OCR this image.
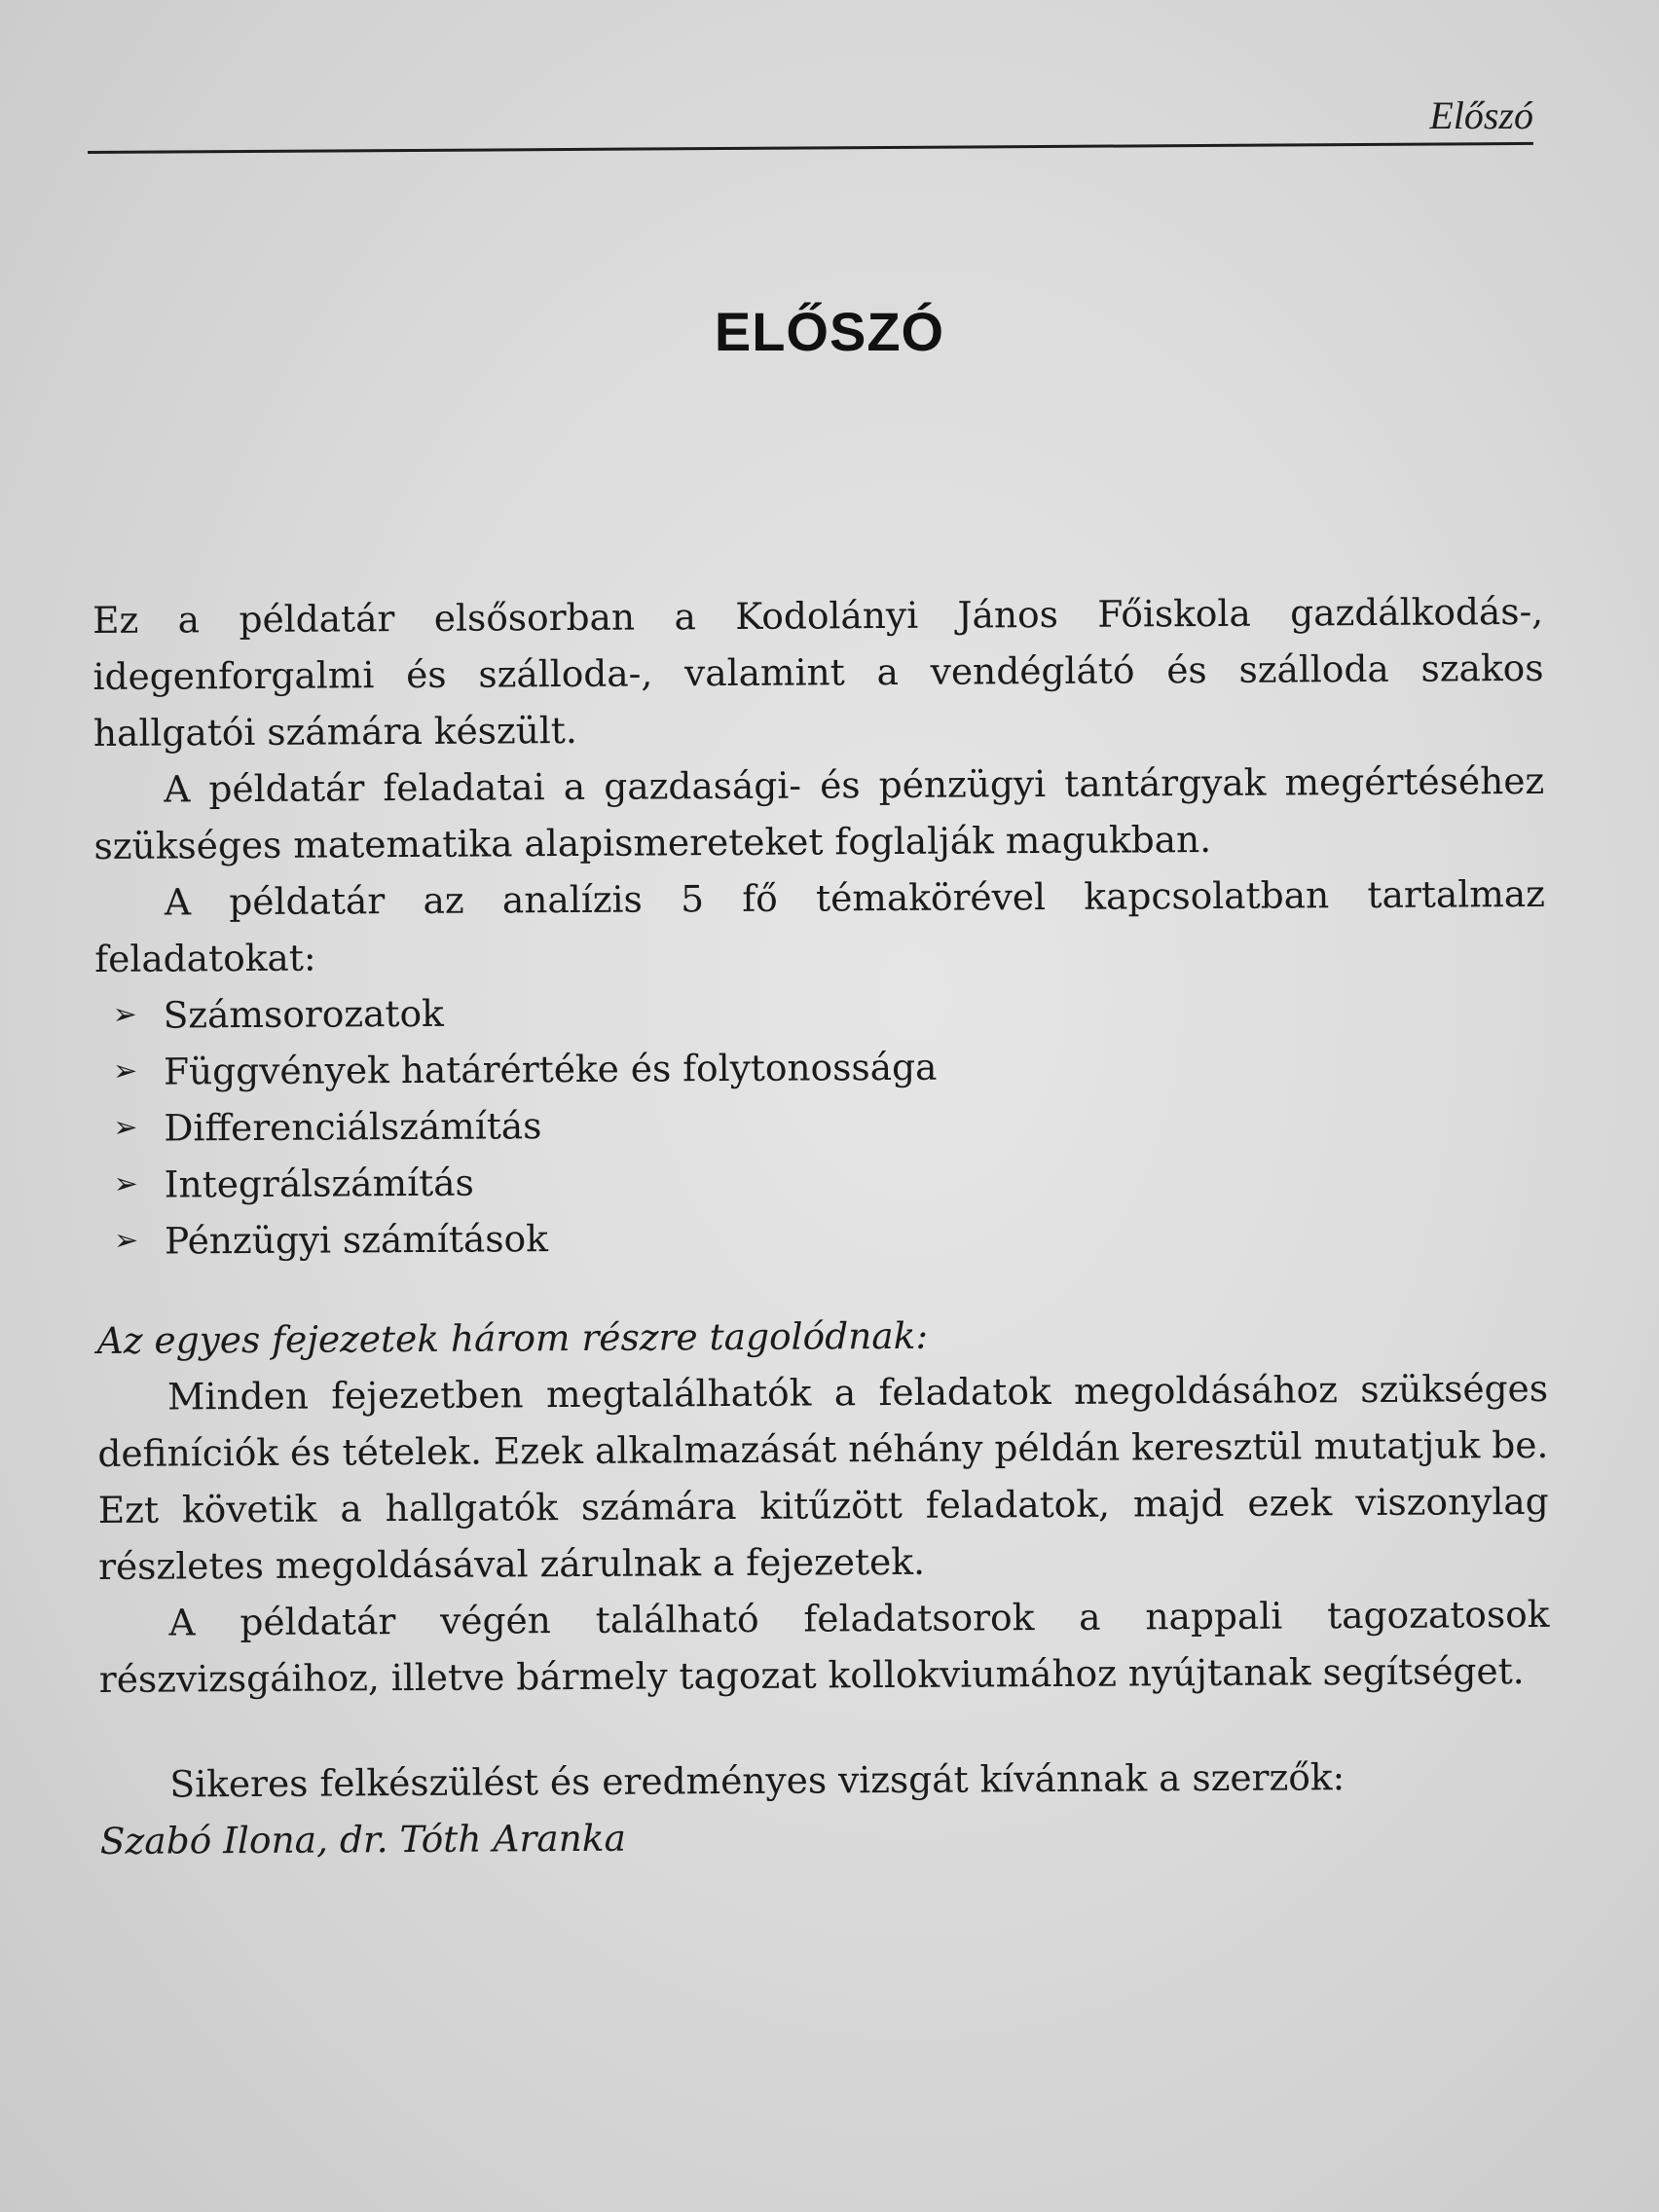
Előszó
ELŐSZÓ

Ez a példatár elsősorban a Kodolányi János Főiskola gazdálkodás-, idegenforgalmi és szálloda-, valamint a vendéglátó és szálloda szakos hallgatói számára készült.

A példatár feladatai a gazdasági- és pénzügyi tantárgyak megértéséhez szükséges matematika alapismereteket foglalják magukban.

A példatár az analízis 5 fő témakörével kapcsolatban tartalmaz feladatokat:

➢ Számsorozatok
➢ Függvények határértéke és folytonossága
➢ Differenciálszámítás
➢ Integrálszámítás
➢ Pénzügyi számítások

Az egyes fejezetek három részre tagolódnak:

Minden fejezetben megtalálhatók a feladatok megoldásához szükséges definíciók és tételek. Ezek alkalmazását néhány példán keresztül mutatjuk be. Ezt követik a hallgatók számára kitűzött feladatok, majd ezek viszonylag részletes megoldásával zárulnak a fejezetek.

A példatár végén található feladatsorok a nappali tagozatosok részvizsgáihoz, illetve bármely tagozat kollokviumához nyújtanak segítséget.

Sikeres felkészülést és eredményes vizsgát kívánnak a szerzők:

Szabó Ilona, dr. Tóth Aranka
